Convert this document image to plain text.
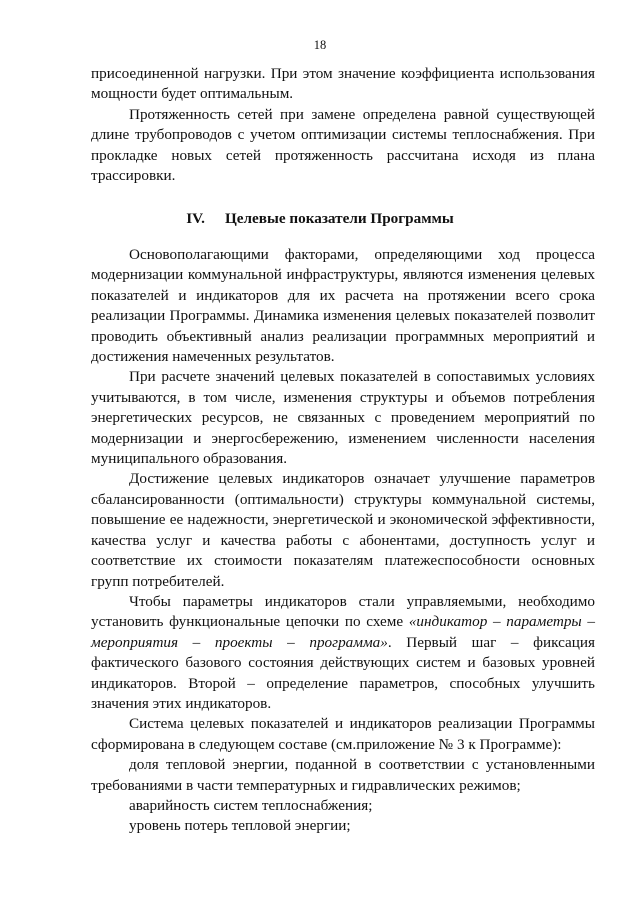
18

присоединенной нагрузки. При этом значение коэффициента использования мощности будет оптимальным.

Протяженность сетей при замене определена равной существующей длине трубопроводов с учетом оптимизации системы теплоснабжения. При прокладке новых сетей протяженность рассчитана исходя из плана трассировки.

IV. Целевые показатели Программы

Основополагающими факторами, определяющими ход процесса модернизации коммунальной инфраструктуры, являются изменения целевых показателей и индикаторов для их расчета на протяжении всего срока реализации Программы. Динамика изменения целевых показателей позволит проводить объективный анализ реализации программных мероприятий и достижения намеченных результатов.

При расчете значений целевых показателей в сопоставимых условиях учитываются, в том числе, изменения структуры и объемов потребления энергетических ресурсов, не связанных с проведением мероприятий по модернизации и энергосбережению, изменением численности населения муниципального образования.

Достижение целевых индикаторов означает улучшение параметров сбалансированности (оптимальности) структуры коммунальной системы, повышение ее надежности, энергетической и экономической эффективности, качества услуг и качества работы с абонентами, доступность услуг и соответствие их стоимости показателям платежеспособности основных групп потребителей.

Чтобы параметры индикаторов стали управляемыми, необходимо установить функциональные цепочки по схеме «индикатор – параметры – мероприятия – проекты – программа». Первый шаг – фиксация фактического базового состояния действующих систем и базовых уровней индикаторов. Второй – определение параметров, способных улучшить значения этих индикаторов.

Система целевых показателей и индикаторов реализации Программы сформирована в следующем составе (см.приложение № 3 к Программе):

доля тепловой энергии, поданной в соответствии с установленными требованиями в части температурных и гидравлических режимов;

аварийность систем теплоснабжения;

уровень потерь тепловой энергии;
